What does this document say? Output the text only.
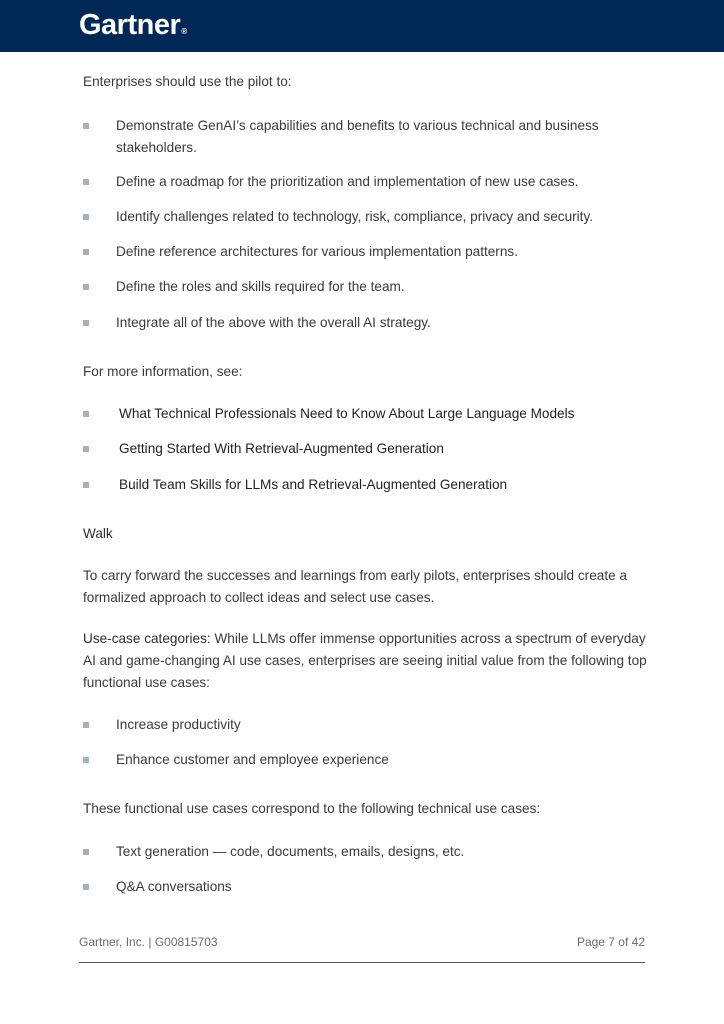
Gartner®

Enterprises should use the pilot to:

Demonstrate GenAI’s capabilities and benefits to various technical and business stakeholders.
Define a roadmap for the prioritization and implementation of new use cases.
Identify challenges related to technology, risk, compliance, privacy and security.
Define reference architectures for various implementation patterns.
Define the roles and skills required for the team.
Integrate all of the above with the overall AI strategy.

For more information, see:

What Technical Professionals Need to Know About Large Language Models
Getting Started With Retrieval-Augmented Generation
Build Team Skills for LLMs and Retrieval-Augmented Generation

Walk

To carry forward the successes and learnings from early pilots, enterprises should create a formalized approach to collect ideas and select use cases.

Use-case categories: While LLMs offer immense opportunities across a spectrum of everyday AI and game-changing AI use cases, enterprises are seeing initial value from the following top functional use cases:

Increase productivity
Enhance customer and employee experience

These functional use cases correspond to the following technical use cases:

Text generation — code, documents, emails, designs, etc.
Q&A conversations
Gartner, Inc. | G00815703	Page 7 of 42
